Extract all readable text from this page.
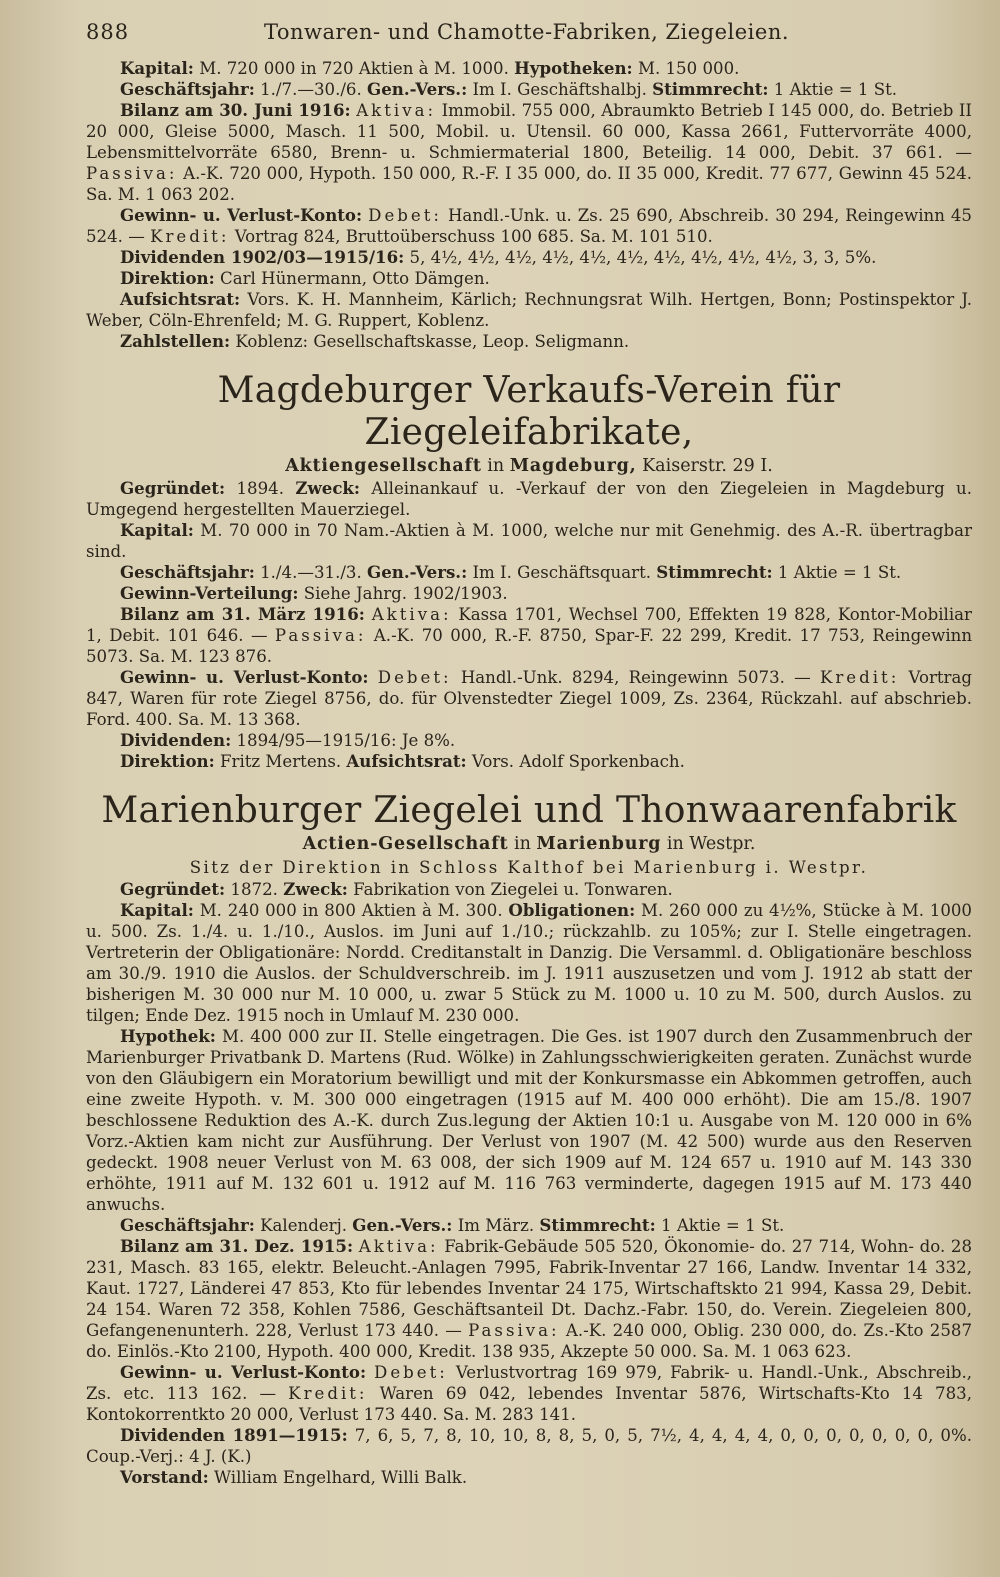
888	Tonwaren- und Chamotte-Fabriken, Ziegeleien.

Kapital: M. 720 000 in 720 Aktien à M. 1000. Hypotheken: M. 150 000.

Geschäftsjahr: 1./7.—30./6. Gen.-Vers.: Im I. Geschäftshalbj. Stimmrecht: 1 Aktie = 1 St.

Bilanz am 30. Juni 1916: Aktiva: Immobil. 755 000, Abraumkto Betrieb I 145 000, do. Betrieb II 20 000, Gleise 5000, Masch. 11 500, Mobil. u. Utensil. 60 000, Kassa 2661, Futtervorräte 4000, Lebensmittelvorräte 6580, Brenn- u. Schmiermaterial 1800, Beteilig. 14 000, Debit. 37 661. — Passiva: A.-K. 720 000, Hypoth. 150 000, R.-F. I 35 000, do. II 35 000, Kredit. 77 677, Gewinn 45 524. Sa. M. 1 063 202.

Gewinn- u. Verlust-Konto: Debet: Handl.-Unk. u. Zs. 25 690, Abschreib. 30 294, Reingewinn 45 524. — Kredit: Vortrag 824, Bruttoüberschuss 100 685. Sa. M. 101 510.

Dividenden 1902/03—1915/16: 5, 4½, 4½, 4½, 4½, 4½, 4½, 4½, 4½, 4½, 4½, 3, 3, 5%.

Direktion: Carl Hünermann, Otto Dämgen.

Aufsichtsrat: Vors. K. H. Mannheim, Kärlich; Rechnungsrat Wilh. Hertgen, Bonn; Postinspektor J. Weber, Cöln-Ehrenfeld; M. G. Ruppert, Koblenz.

Zahlstellen: Koblenz: Gesellschaftskasse, Leop. Seligmann.

Magdeburger Verkaufs-Verein für Ziegeleifabrikate,

Aktiengesellschaft in Magdeburg, Kaiserstr. 29 I.

Gegründet: 1894. Zweck: Alleinankauf u. -Verkauf der von den Ziegeleien in Magdeburg u. Umgegend hergestellten Mauerziegel.

Kapital: M. 70 000 in 70 Nam.-Aktien à M. 1000, welche nur mit Genehmig. des A.-R. übertragbar sind.

Geschäftsjahr: 1./4.—31./3. Gen.-Vers.: Im I. Geschäftsquart. Stimmrecht: 1 Aktie = 1 St.

Gewinn-Verteilung: Siehe Jahrg. 1902/1903.

Bilanz am 31. März 1916: Aktiva: Kassa 1701, Wechsel 700, Effekten 19 828, Kontor-Mobiliar 1, Debit. 101 646. — Passiva: A.-K. 70 000, R.-F. 8750, Spar-F. 22 299, Kredit. 17 753, Reingewinn 5073. Sa. M. 123 876.

Gewinn- u. Verlust-Konto: Debet: Handl.-Unk. 8294, Reingewinn 5073. — Kredit: Vortrag 847, Waren für rote Ziegel 8756, do. für Olvenstedter Ziegel 1009, Zs. 2364, Rückzahl. auf abschrieb. Ford. 400. Sa. M. 13 368.

Dividenden: 1894/95—1915/16: Je 8%.

Direktion: Fritz Mertens. Aufsichtsrat: Vors. Adolf Sporkenbach.

Marienburger Ziegelei und Thonwaarenfabrik

Actien-Gesellschaft in Marienburg in Westpr.

Sitz der Direktion in Schloss Kalthof bei Marienburg i. Westpr.

Gegründet: 1872. Zweck: Fabrikation von Ziegelei u. Tonwaren.

Kapital: M. 240 000 in 800 Aktien à M. 300. Obligationen: M. 260 000 zu 4½%, Stücke à M. 1000 u. 500. Zs. 1./4. u. 1./10., Auslos. im Juni auf 1./10.; rückzahlb. zu 105%; zur I. Stelle eingetragen. Vertreterin der Obligationäre: Nordd. Creditanstalt in Danzig. Die Versamml. d. Obligationäre beschloss am 30./9. 1910 die Auslos. der Schuldverschreib. im J. 1911 auszusetzen und vom J. 1912 ab statt der bisherigen M. 30 000 nur M. 10 000, u. zwar 5 Stück zu M. 1000 u. 10 zu M. 500, durch Auslos. zu tilgen; Ende Dez. 1915 noch in Umlauf M. 230 000.

Hypothek: M. 400 000 zur II. Stelle eingetragen. Die Ges. ist 1907 durch den Zusammenbruch der Marienburger Privatbank D. Martens (Rud. Wölke) in Zahlungsschwierigkeiten geraten. Zunächst wurde von den Gläubigern ein Moratorium bewilligt und mit der Konkursmasse ein Abkommen getroffen, auch eine zweite Hypoth. v. M. 300 000 eingetragen (1915 auf M. 400 000 erhöht). Die am 15./8. 1907 beschlossene Reduktion des A.-K. durch Zus.legung der Aktien 10:1 u. Ausgabe von M. 120 000 in 6% Vorz.-Aktien kam nicht zur Ausführung. Der Verlust von 1907 (M. 42 500) wurde aus den Reserven gedeckt. 1908 neuer Verlust von M. 63 008, der sich 1909 auf M. 124 657 u. 1910 auf M. 143 330 erhöhte, 1911 auf M. 132 601 u. 1912 auf M. 116 763 verminderte, dagegen 1915 auf M. 173 440 anwuchs.

Geschäftsjahr: Kalenderj. Gen.-Vers.: Im März. Stimmrecht: 1 Aktie = 1 St.

Bilanz am 31. Dez. 1915: Aktiva: Fabrik-Gebäude 505 520, Ökonomie- do. 27 714, Wohn- do. 28 231, Masch. 83 165, elektr. Beleucht.-Anlagen 7995, Fabrik-Inventar 27 166, Landw. Inventar 14 332, Kaut. 1727, Länderei 47 853, Kto für lebendes Inventar 24 175, Wirtschaftskto 21 994, Kassa 29, Debit. 24 154. Waren 72 358, Kohlen 7586, Geschäftsanteil Dt. Dachz.-Fabr. 150, do. Verein. Ziegeleien 800, Gefangenenunterh. 228, Verlust 173 440. — Passiva: A.-K. 240 000, Oblig. 230 000, do. Zs.-Kto 2587 do. Einlös.-Kto 2100, Hypoth. 400 000, Kredit. 138 935, Akzepte 50 000. Sa. M. 1 063 623.

Gewinn- u. Verlust-Konto: Debet: Verlustvortrag 169 979, Fabrik- u. Handl.-Unk., Abschreib., Zs. etc. 113 162. — Kredit: Waren 69 042, lebendes Inventar 5876, Wirtschafts-Kto 14 783, Kontokorrentkto 20 000, Verlust 173 440. Sa. M. 283 141.

Dividenden 1891—1915: 7, 6, 5, 7, 8, 10, 10, 8, 8, 5, 0, 5, 7½, 4, 4, 4, 4, 0, 0, 0, 0, 0, 0, 0, 0%. Coup.-Verj.: 4 J. (K.)

Vorstand: William Engelhard, Willi Balk.
